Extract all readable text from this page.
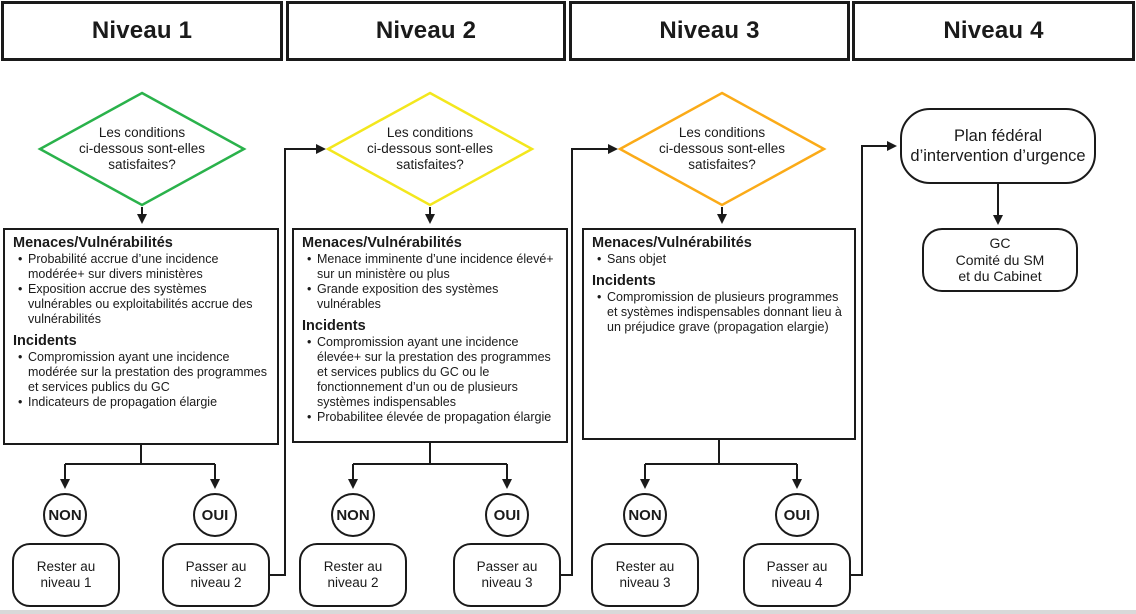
Niveau 1	Niveau 2	Niveau 3	Niveau 4
Les conditions
ci-dessous sont-elles
satisfaites?
Menaces/Vulnérabilités
• Probabilité accrue d’une incidence modérée+ sur divers ministères
• Exposition accrue des systèmes vulnérables ou exploitabilités accrue des vulnérabilités
Incidents
• Compromission ayant une incidence modérée sur la prestation des programmes et services publics du GC
• Indicateurs de propagation élargie
NON	OUI
Rester au niveau 1
Passer au niveau 2
Les conditions
ci-dessous sont-elles
satisfaites?
Menaces/Vulnérabilités
• Menace imminente d’une incidence élevé+ sur un ministère ou plus
• Grande exposition des systèmes vulnérables
Incidents
• Compromission ayant une incidence élevée+ sur la prestation des programmes et services publics du GC ou le fonctionnement d’un ou de plusieurs systèmes indispensables
• Probabilitee élevée de propagation élargie
NON	OUI
Rester au niveau 2
Passer au niveau 3
Les conditions
ci-dessous sont-elles
satisfaites?
Menaces/Vulnérabilités
• Sans objet
Incidents
• Compromission de plusieurs programmes et systèmes indispensables donnant lieu à un préjudice grave (propagation elargie)
NON	OUI
Rester au niveau 3
Passer au niveau 4
Plan fédéral d’intervention d’urgence
GC
Comité du SM
et du Cabinet
